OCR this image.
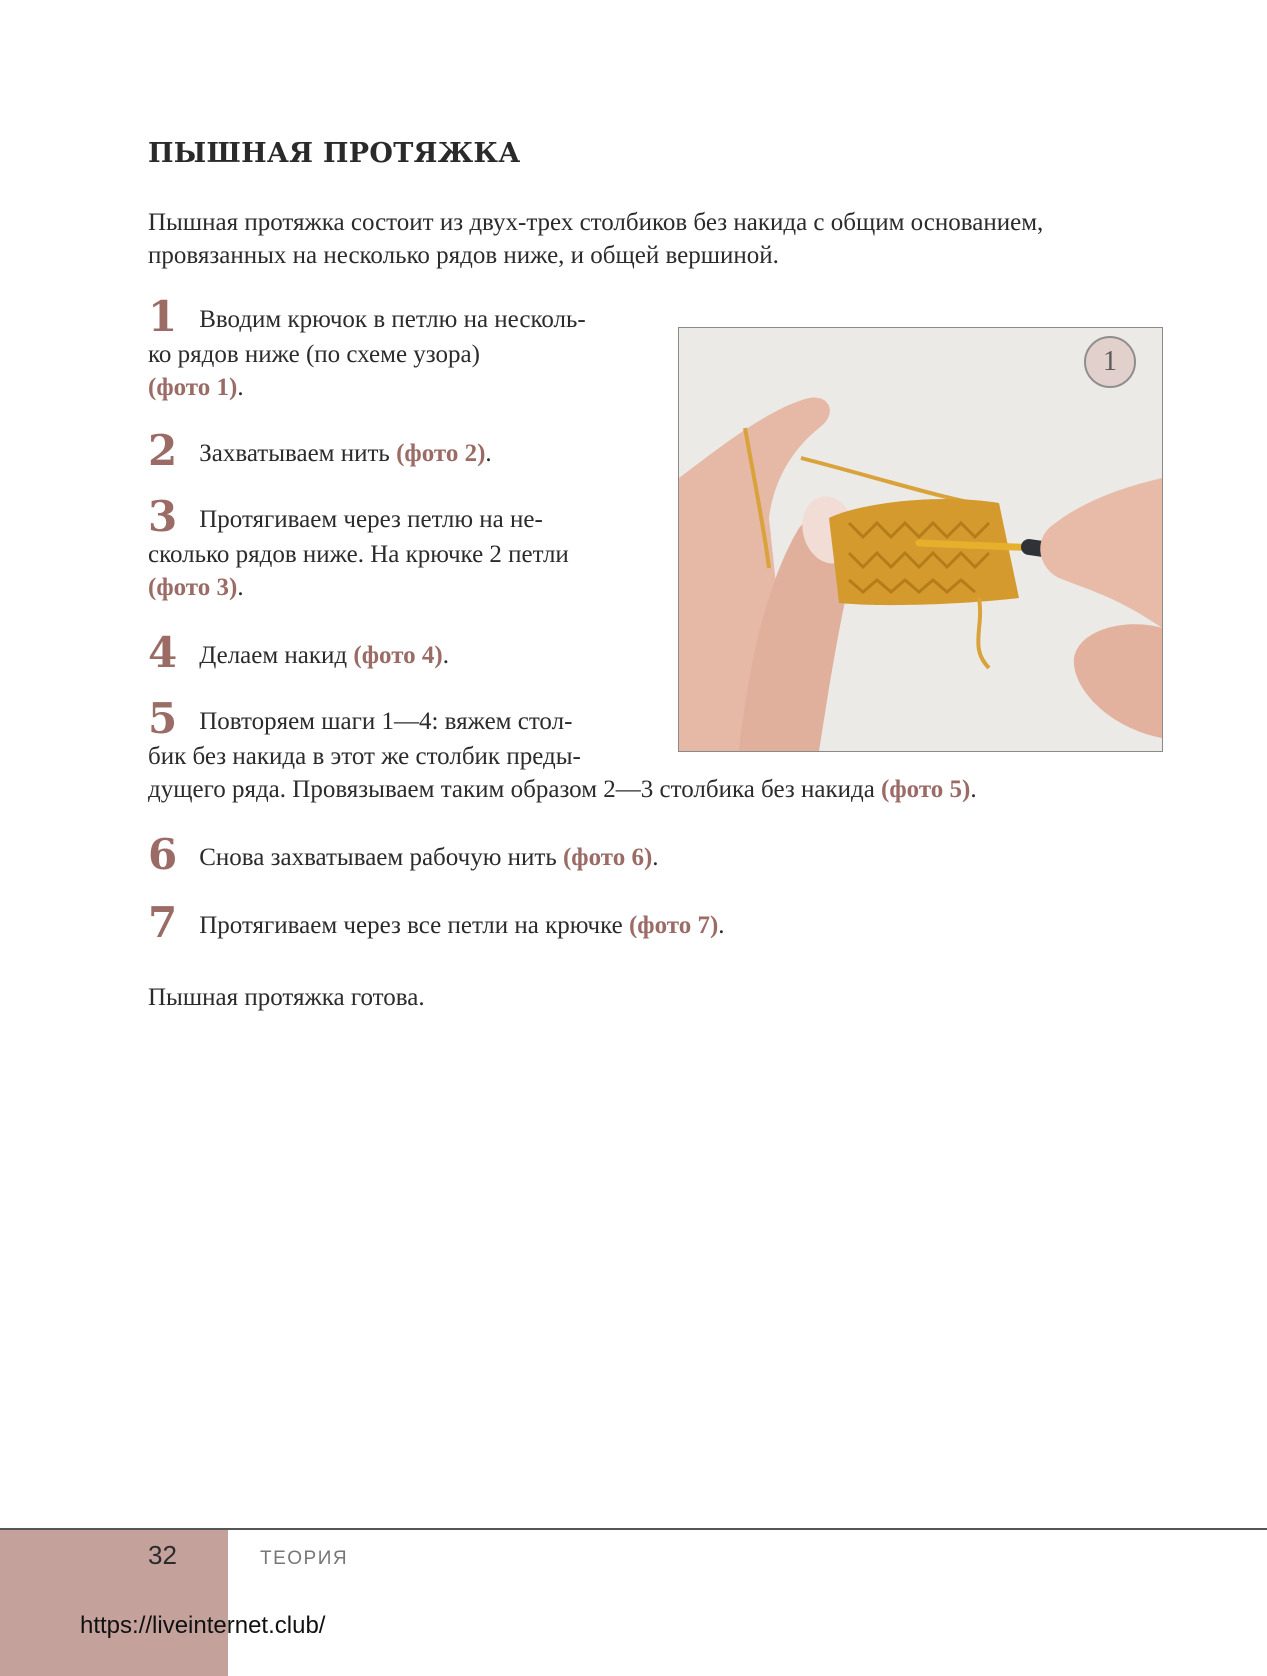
ПЫШНАЯ ПРОТЯЖКА

Пышная протяжка состоит из двух-трех столбиков без накида с общим основанием, провязанных на несколько рядов ниже, и общей вершиной.

1 Вводим крючок в петлю на несколь-
ко рядов ниже (по схеме узора)
(фото 1).

2 Захватываем нить (фото 2).

3 Протягиваем через петлю на не-
сколько рядов ниже. На крючке 2 петли
(фото 3).

4 Делаем накид (фото 4).

5 Повторяем шаги 1—4: вяжем стол-
бик без накида в этот же столбик преды-
дущего ряда. Провязываем таким образом 2—3 столбика без накида (фото 5).

6 Снова захватываем рабочую нить (фото 6).

7 Протягиваем через все петли на крючке (фото 7).

1

Пышная протяжка готова.

32	ТЕОРИЯ
https://liveinternet.club/
